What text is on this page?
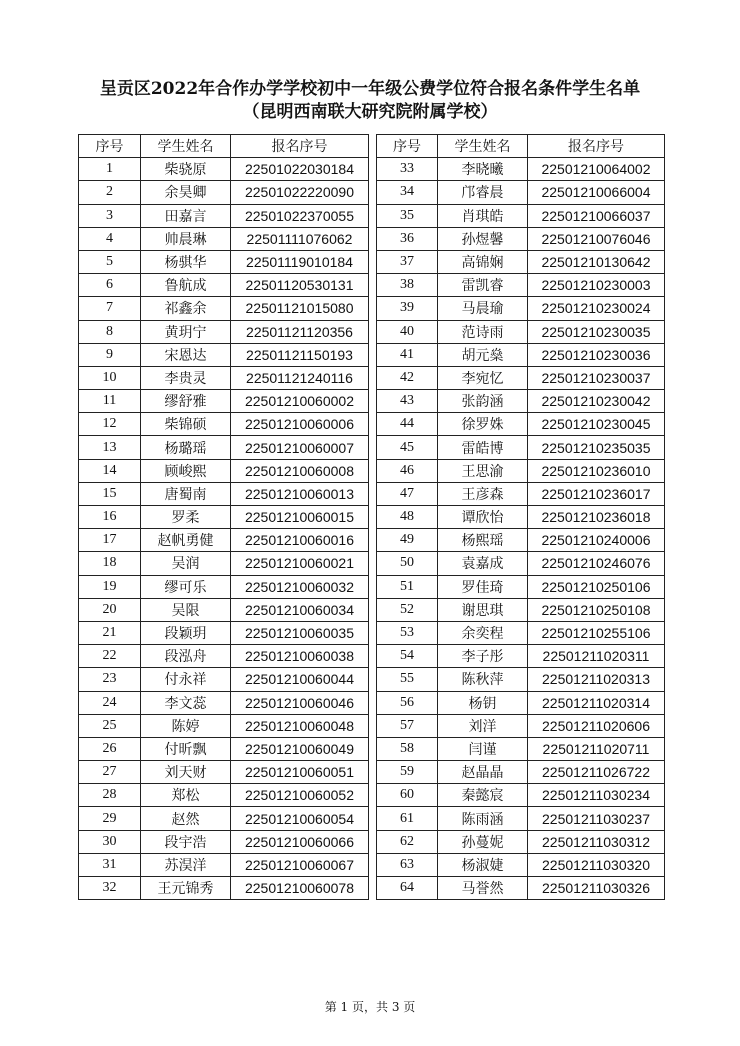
呈贡区2022年合作办学学校初中一年级公费学位符合报名条件学生名单
（昆明西南联大研究院附属学校）
序号	学生姓名	报名序号
1	柴骁原	22501022030184
2	余昊卿	22501022220090
3	田嘉言	22501022370055
4	帅晨琳	22501111076062
5	杨骐华	22501119010184
6	鲁航成	22501120530131
7	祁鑫余	22501121015080
8	黄玥宁	22501121120356
9	宋恩达	22501121150193
10	李贵灵	22501121240116
11	缪舒雅	22501210060002
12	柴锦硕	22501210060006
13	杨璐瑶	22501210060007
14	顾峻熙	22501210060008
15	唐蜀南	22501210060013
16	罗柔	22501210060015
17	赵帆勇健	22501210060016
18	吴润	22501210060021
19	缪可乐	22501210060032
20	吴限	22501210060034
21	段颖玥	22501210060035
22	段泓舟	22501210060038
23	付永祥	22501210060044
24	李文蕊	22501210060046
25	陈婷	22501210060048
26	付昕飘	22501210060049
27	刘天财	22501210060051
28	郑松	22501210060052
29	赵然	22501210060054
30	段宇浩	22501210060066
31	苏淏洋	22501210060067
32	王元锦秀	22501210060078
序号	学生姓名	报名序号
33	李晓曦	22501210064002
34	邝睿晨	22501210066004
35	肖琪皓	22501210066037
36	孙煜馨	22501210076046
37	高锦娴	22501210130642
38	雷凯睿	22501210230003
39	马晨瑜	22501210230024
40	范诗雨	22501210230035
41	胡元燊	22501210230036
42	李宛忆	22501210230037
43	张韵涵	22501210230042
44	徐罗姝	22501210230045
45	雷皓博	22501210235035
46	王思渝	22501210236010
47	王彦森	22501210236017
48	谭欣怡	22501210236018
49	杨熙瑶	22501210240006
50	袁嘉成	22501210246076
51	罗佳琦	22501210250106
52	谢思琪	22501210250108
53	余奕程	22501210255106
54	李子彤	22501211020311
55	陈秋萍	22501211020313
56	杨钥	22501211020314
57	刘洋	22501211020606
58	闫谨	22501211020711
59	赵晶晶	22501211026722
60	秦懿宸	22501211030234
61	陈雨涵	22501211030237
62	孙蔓妮	22501211030312
63	杨淑婕	22501211030320
64	马誉然	22501211030326
第 1 页，共 3 页
